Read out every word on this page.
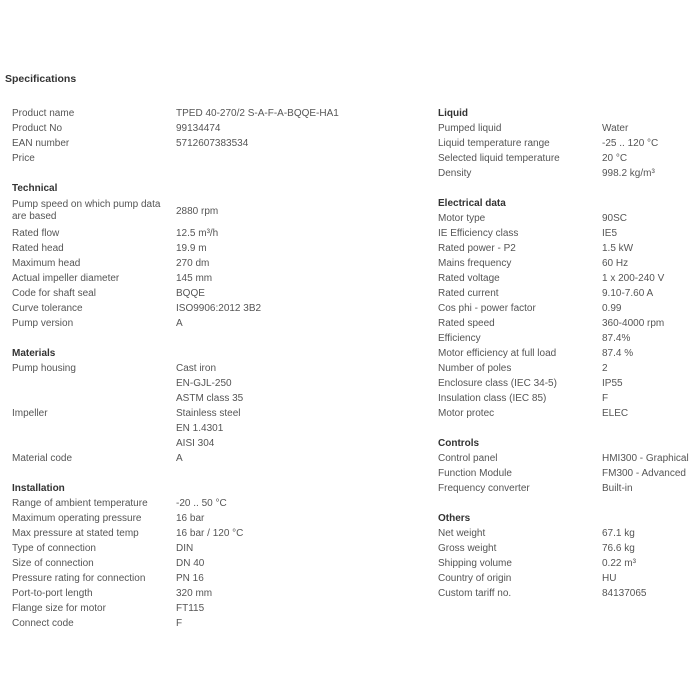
Specifications
Product name	TPED 40-270/2 S-A-F-A-BQQE-HA1
Product No	99134474
EAN number	5712607383534
Price
Technical
Pump speed on which pump data are based	2880 rpm
Rated flow	12.5 m³/h
Rated head	19.9 m
Maximum head	270 dm
Actual impeller diameter	145 mm
Code for shaft seal	BQQE
Curve tolerance	ISO9906:2012 3B2
Pump version	A
Materials
Pump housing	Cast iron
EN-GJL-250
ASTM class 35
Impeller	Stainless steel
EN 1.4301
AISI 304
Material code	A
Installation
Range of ambient temperature	-20 .. 50 °C
Maximum operating pressure	16 bar
Max pressure at stated temp	16 bar / 120 °C
Type of connection	DIN
Size of connection	DN 40
Pressure rating for connection	PN 16
Port-to-port length	320 mm
Flange size for motor	FT115
Connect code	F
Liquid
Pumped liquid	Water
Liquid temperature range	-25 .. 120 °C
Selected liquid temperature	20 °C
Density	998.2 kg/m³
Electrical data
Motor type	90SC
IE Efficiency class	IE5
Rated power - P2	1.5 kW
Mains frequency	60 Hz
Rated voltage	1 x 200-240 V
Rated current	9.10-7.60 A
Cos phi - power factor	0.99
Rated speed	360-4000 rpm
Efficiency	87.4%
Motor efficiency at full load	87.4 %
Number of poles	2
Enclosure class (IEC 34-5)	IP55
Insulation class (IEC 85)	F
Motor protec	ELEC
Controls
Control panel	HMI300 - Graphical
Function Module	FM300 - Advanced
Frequency converter	Built-in
Others
Net weight	67.1 kg
Gross weight	76.6 kg
Shipping volume	0.22 m³
Country of origin	HU
Custom tariff no.	84137065
